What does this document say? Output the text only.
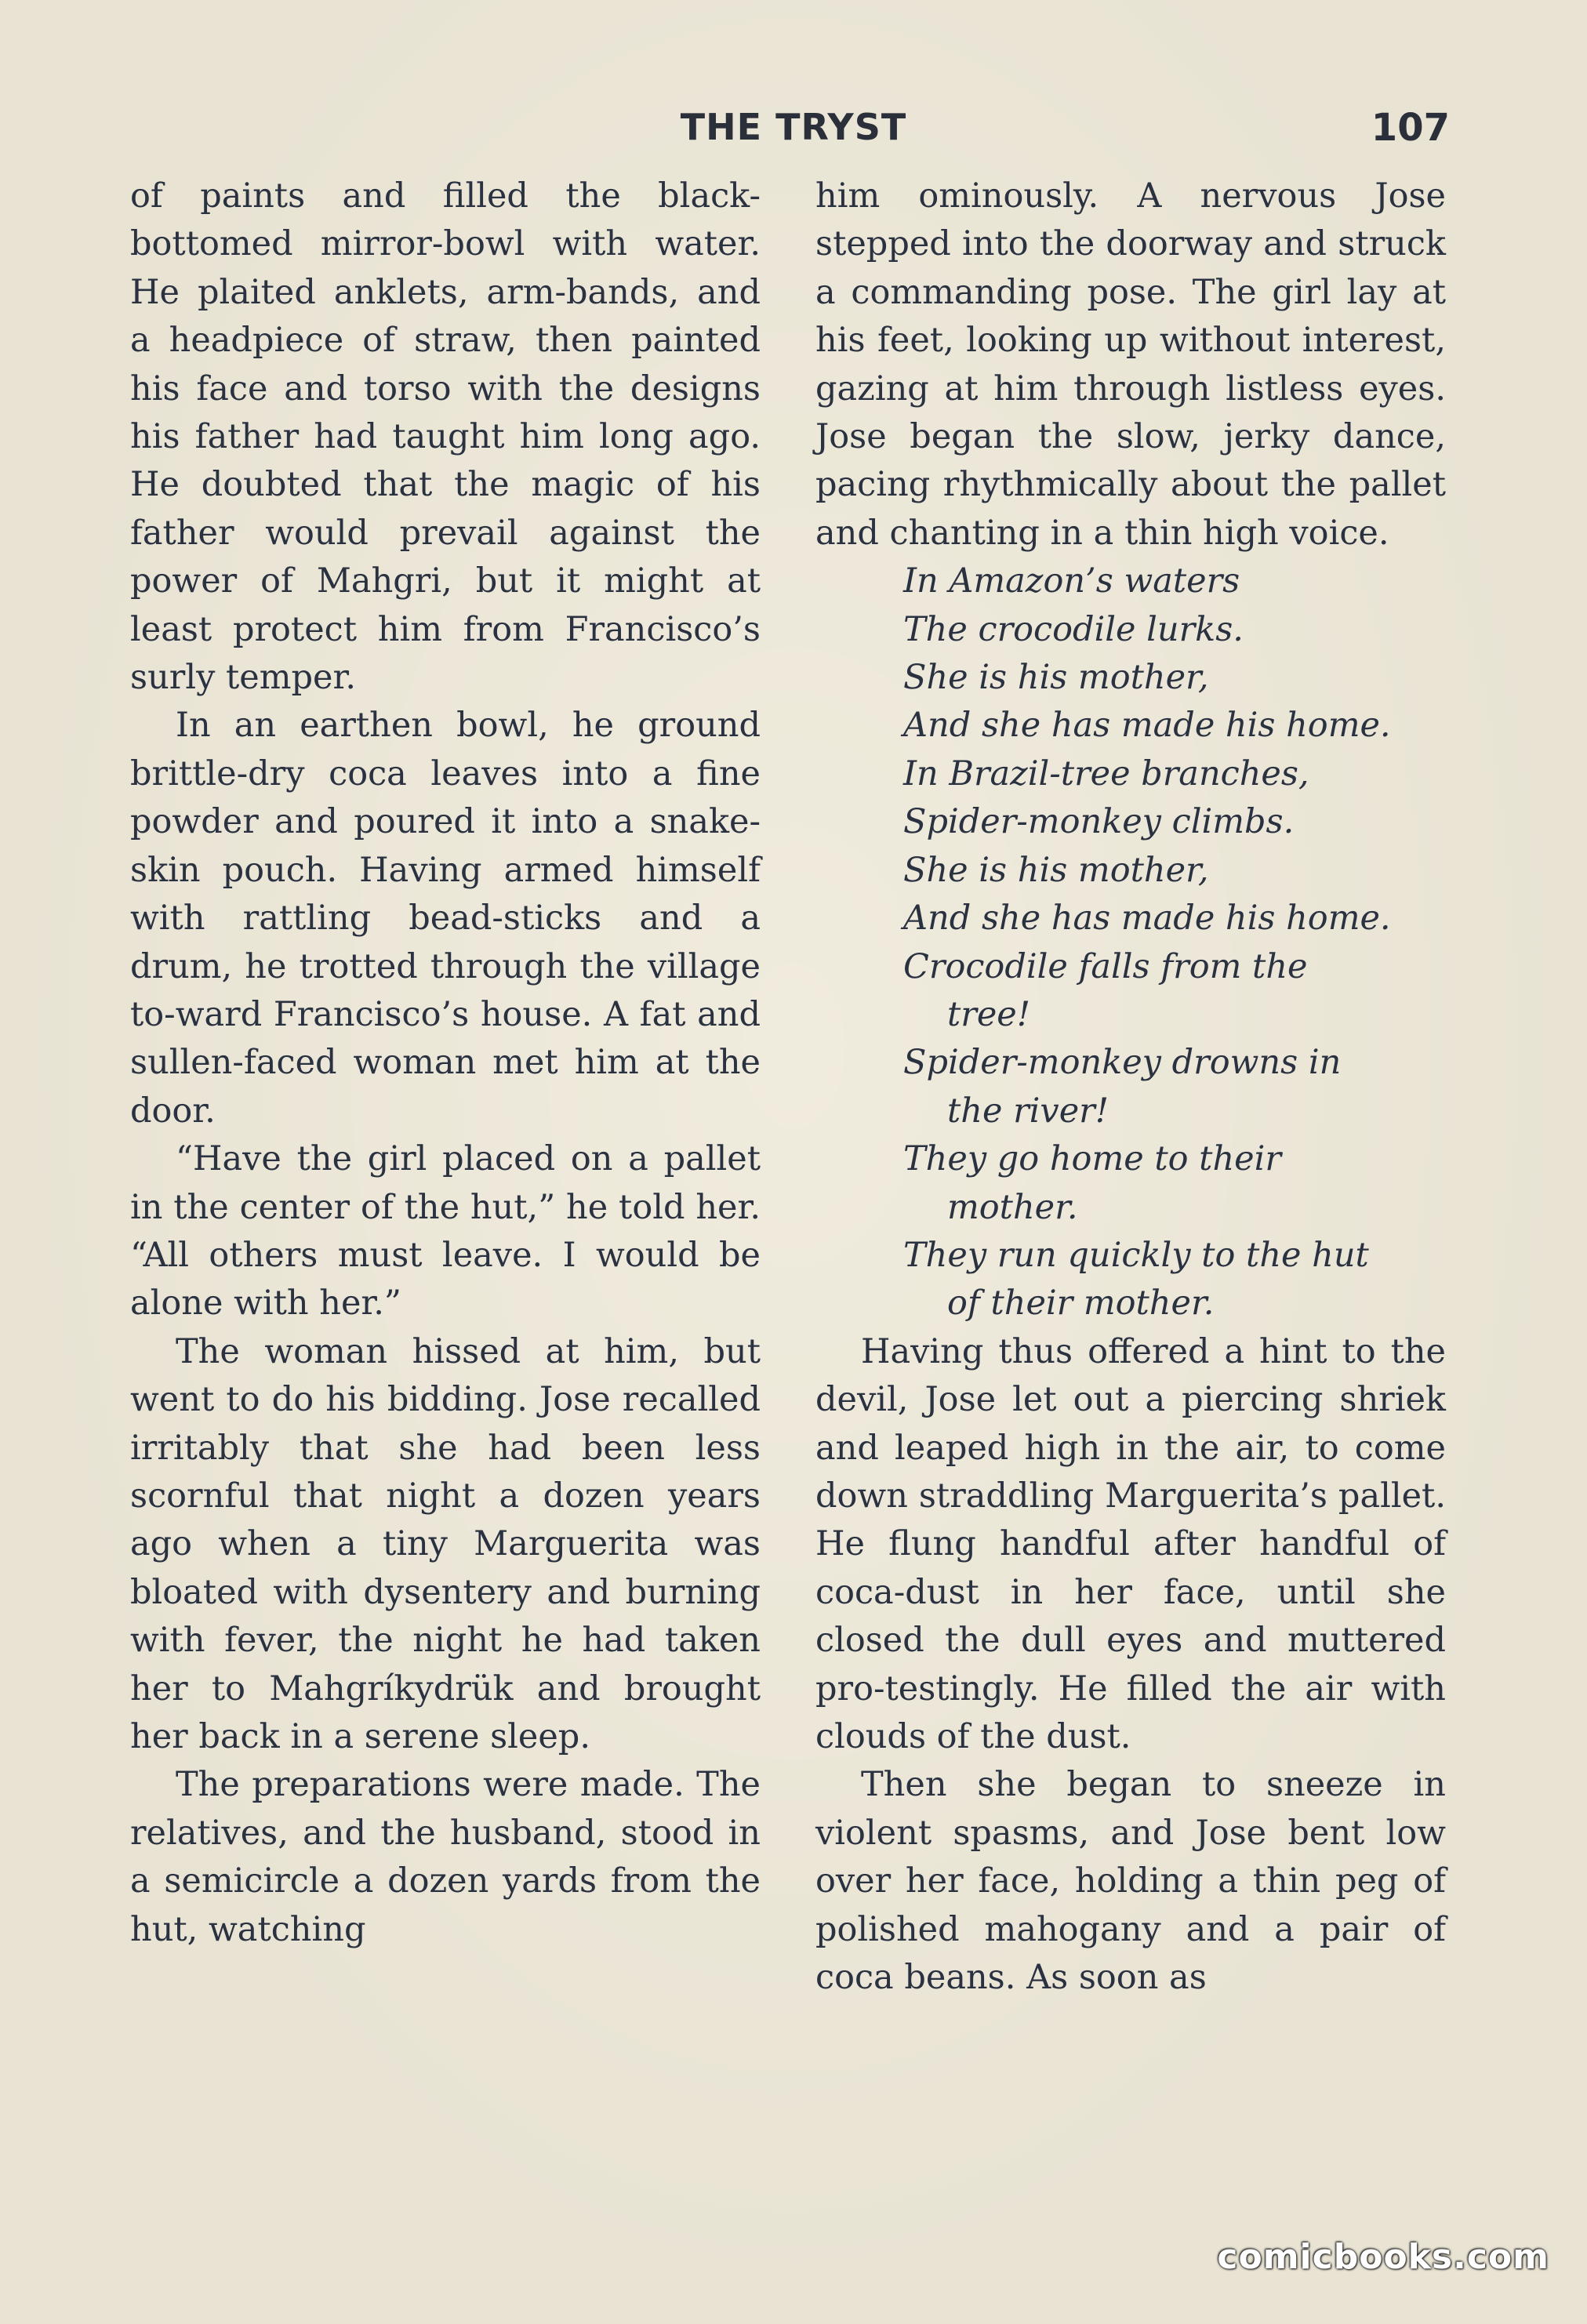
THE TRYST	107

of paints and filled the black-bottomed mirror-bowl with water. He plaited anklets, arm-bands, and a headpiece of straw, then painted his face and torso with the designs his father had taught him long ago. He doubted that the magic of his father would prevail against the power of Mahgri, but it might at least protect him from Francisco’s surly temper.

In an earthen bowl, he ground brittle-dry coca leaves into a fine powder and poured it into a snake-skin pouch. Having armed himself with rattling bead-sticks and a drum, he trotted through the village to-ward Francisco’s house. A fat and sullen-faced woman met him at the door.

“Have the girl placed on a pallet in the center of the hut,” he told her. “All others must leave. I would be alone with her.”

The woman hissed at him, but went to do his bidding. Jose recalled irritably that she had been less scornful that night a dozen years ago when a tiny Marguerita was bloated with dysentery and burning with fever, the night he had taken her to Mahgríkydrük and brought her back in a serene sleep.

The preparations were made. The relatives, and the husband, stood in a semicircle a dozen yards from the hut, watching

him ominously. A nervous Jose stepped into the doorway and struck a commanding pose. The girl lay at his feet, looking up without interest, gazing at him through listless eyes. Jose began the slow, jerky dance, pacing rhythmically about the pallet and chanting in a thin high voice.

In Amazon’s waters
The crocodile lurks.
She is his mother,
And she has made his home.
In Brazil-tree branches,
Spider-monkey climbs.
She is his mother,
And she has made his home.
Crocodile falls from the
tree!
Spider-monkey drowns in
the river!
They go home to their
mother.
They run quickly to the hut
of their mother.

Having thus offered a hint to the devil, Jose let out a piercing shriek and leaped high in the air, to come down straddling Marguerita’s pallet. He flung handful after handful of coca-dust in her face, until she closed the dull eyes and muttered pro-testingly. He filled the air with clouds of the dust.

Then she began to sneeze in violent spasms, and Jose bent low over her face, holding a thin peg of polished mahogany and a pair of coca beans. As soon as

comicbooks.com
